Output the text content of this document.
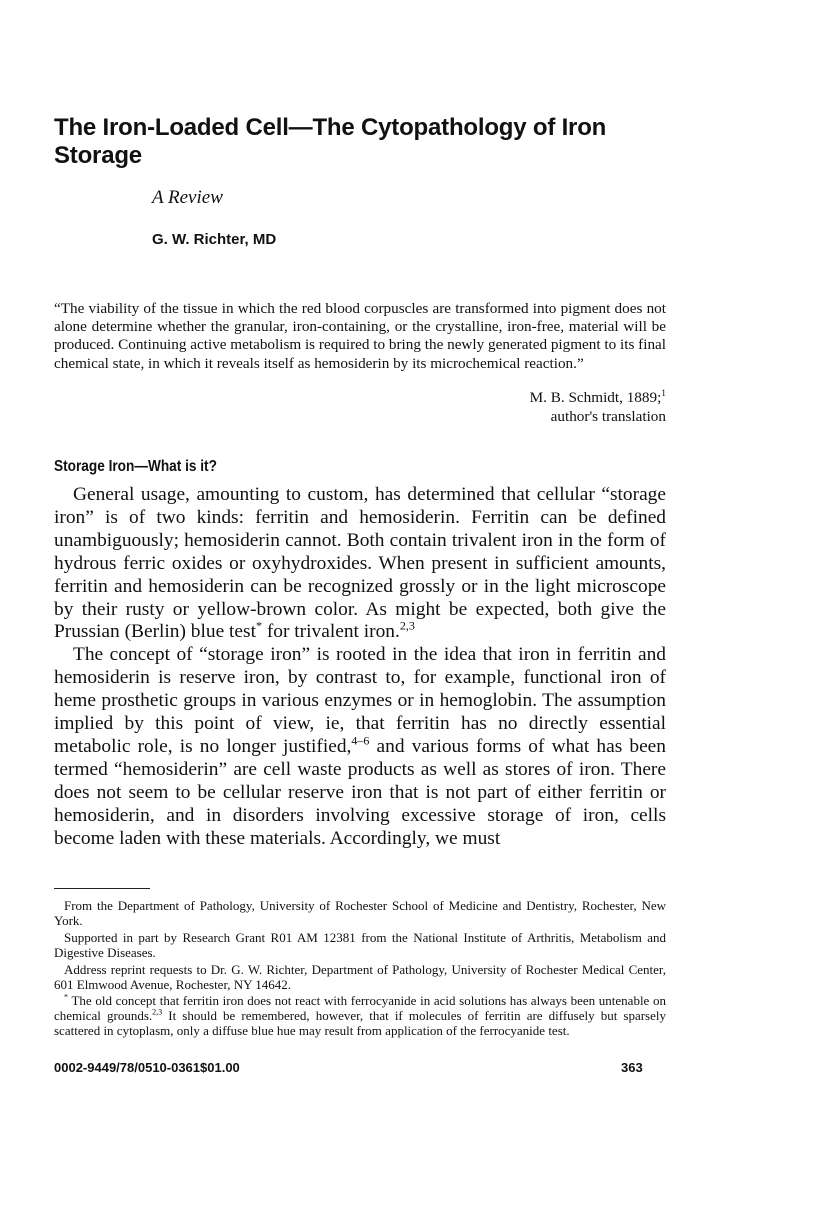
The Iron-Loaded Cell—The Cytopathology of Iron Storage
A Review
G. W. Richter, MD

“The viability of the tissue in which the red blood corpuscles are transformed into pigment does not alone determine whether the granular, iron-containing, or the crystalline, iron-free, material will be produced. Continuing active metabolism is required to bring the newly generated pigment to its final chemical state, in which it reveals itself as hemosiderin by its microchemical reaction.”

M. B. Schmidt, 1889;$^1$
author's translation
Storage Iron—What is it?

General usage, amounting to custom, has determined that cellular “storage iron” is of two kinds: ferritin and hemosiderin. Ferritin can be defined unambiguously; hemosiderin cannot. Both contain trivalent iron in the form of hydrous ferric oxides or oxyhydroxides. When present in sufficient amounts, ferritin and hemosiderin can be recognized grossly or in the light microscope by their rusty or yellow-brown color. As might be expected, both give the Prussian (Berlin) blue test* for trivalent iron.$^{2,3}$

The concept of “storage iron” is rooted in the idea that iron in ferritin and hemosiderin is reserve iron, by contrast to, for example, functional iron of heme prosthetic groups in various enzymes or in hemoglobin. The assumption implied by this point of view, ie, that ferritin has no directly essential metabolic role, is no longer justified,$^{4-6}$ and various forms of what has been termed “hemosiderin” are cell waste products as well as stores of iron. There does not seem to be cellular reserve iron that is not part of either ferritin or hemosiderin, and in disorders involving excessive storage of iron, cells become laden with these materials. Accordingly, we must

From the Department of Pathology, University of Rochester School of Medicine and Dentistry, Rochester, New York.

Supported in part by Research Grant R01 AM 12381 from the National Institute of Arthritis, Metabolism and Digestive Diseases.

Address reprint requests to Dr. G. W. Richter, Department of Pathology, University of Rochester Medical Center, 601 Elmwood Avenue, Rochester, NY 14642.

* The old concept that ferritin iron does not react with ferrocyanide in acid solutions has always been untenable on chemical grounds.$^{2,3}$ It should be remembered, however, that if molecules of ferritin are diffusely but sparsely scattered in cytoplasm, only a diffuse blue hue may result from application of the ferrocyanide test.

0002-9449/78/0510-0361$01.00	363
